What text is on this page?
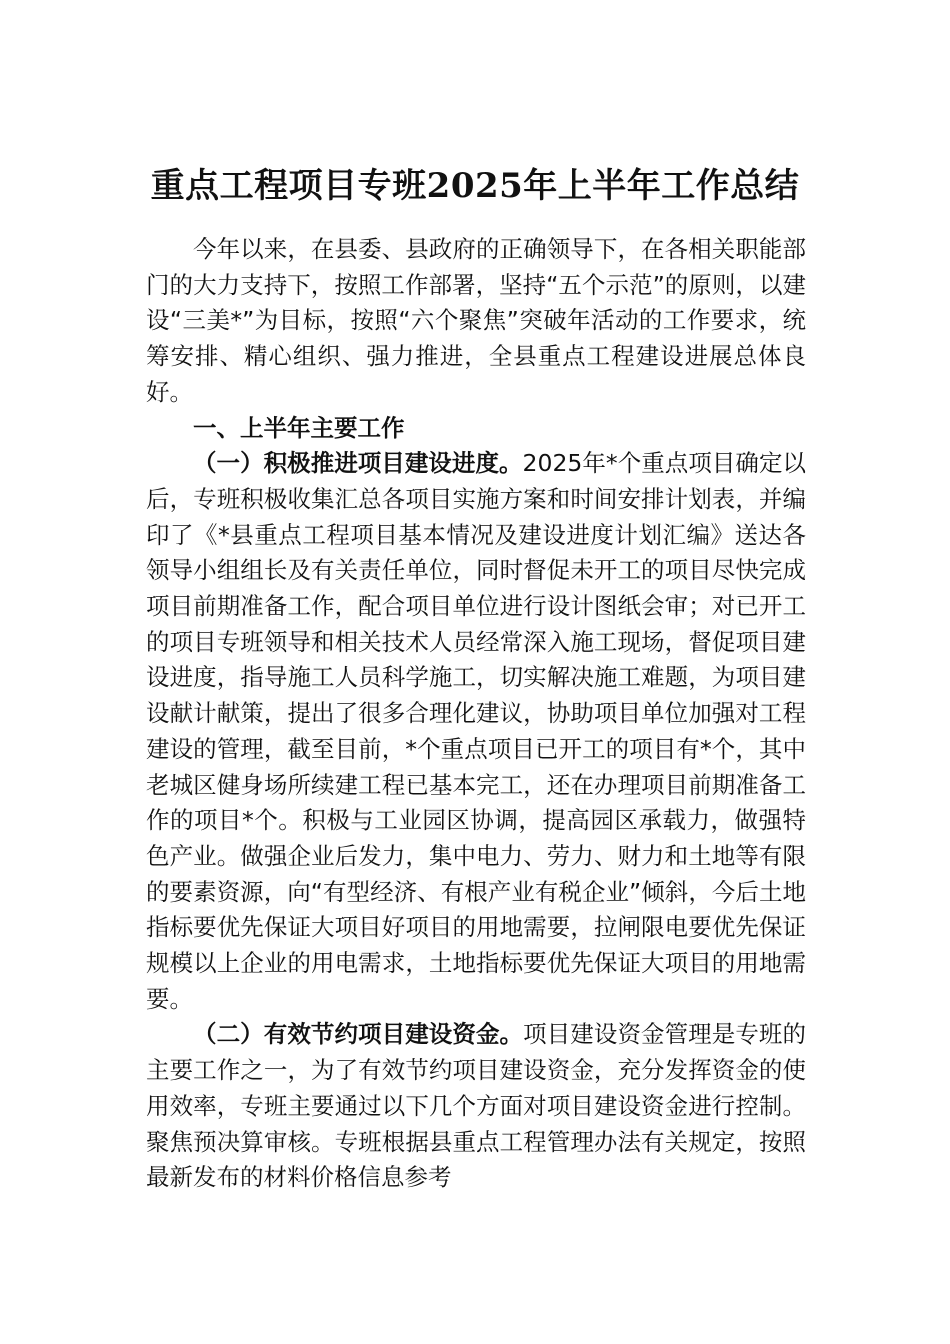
重点工程项目专班2025年上半年工作总结

今年以来，在县委、县政府的正确领导下，在各相关职能部门的大力支持下，按照工作部署，坚持“五个示范”的原则，以建设“三美*”为目标，按照“六个聚焦”突破年活动的工作要求，统筹安排、精心组织、强力推进，全县重点工程建设进展总体良好。

一、上半年主要工作

（一）积极推进项目建设进度。2025年*个重点项目确定以后，专班积极收集汇总各项目实施方案和时间安排计划表，并编印了《*县重点工程项目基本情况及建设进度计划汇编》送达各领导小组组长及有关责任单位，同时督促未开工的项目尽快完成项目前期准备工作，配合项目单位进行设计图纸会审；对已开工的项目专班领导和相关技术人员经常深入施工现场，督促项目建设进度，指导施工人员科学施工，切实解决施工难题，为项目建设献计献策，提出了很多合理化建议，协助项目单位加强对工程建设的管理，截至目前，*个重点项目已开工的项目有*个，其中老城区健身场所续建工程已基本完工，还在办理项目前期准备工作的项目*个。积极与工业园区协调，提高园区承载力，做强特色产业。做强企业后发力，集中电力、劳力、财力和土地等有限的要素资源，向“有型经济、有根产业有税企业”倾斜，今后土地指标要优先保证大项目好项目的用地需要，拉闸限电要优先保证规模以上企业的用电需求，土地指标要优先保证大项目的用地需要。

（二）有效节约项目建设资金。项目建设资金管理是专班的主要工作之一，为了有效节约项目建设资金，充分发挥资金的使用效率，专班主要通过以下几个方面对项目建设资金进行控制。聚焦预决算审核。专班根据县重点工程管理办法有关规定，按照最新发布的材料价格信息参考
